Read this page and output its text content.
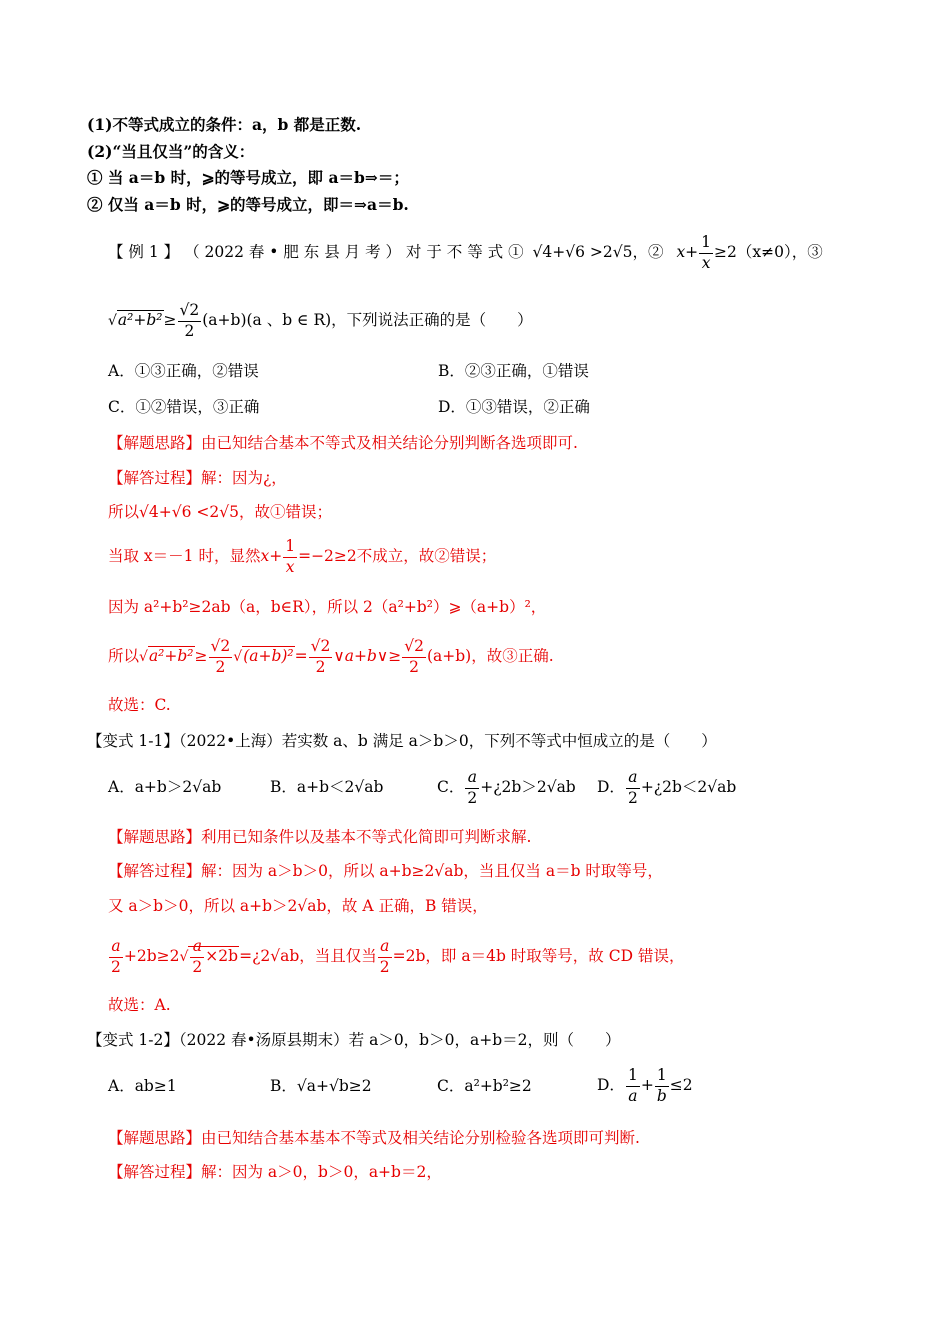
(1)不等式成立的条件：a，b 都是正数.
(2)“当且仅当”的含义：
① 当 a＝b 时，⩾的等号成立，即 a＝b⇒＝；
② 仅当 a＝b 时，⩾的等号成立，即＝⇒a＝b.
【 例 1 】 （ 2022 春 • 肥 东 县 月 考 ） 对 于 不 等 式 ① √4+√6 >2√5，② $x+ \frac{1}{x} \ge 2(x\ne 0)$，③
$√a^2+b^2\ge \frac{√2}{2} (a+b)(a$ 、b ∈ R)，下列说法正确的是（　　）
A．①③正确，②错误	B．②③正确，①错误
C．①②错误，③正确	D．①③错误，②正确
【解题思路】由已知结合基本不等式及相关结论分别判断各选项即可.
【解答过程】解：因为¿，
所以√4+√6 <2√5，故①错误；
当取 x＝－1 时，显然$x+ \frac{1}{x} =-2\ge 2$不成立，故②错误；
因为 a²+b²≥2ab（a，b∈R），所以 2（a²+b²）⩾（a+b）²，
所以$√a^2+b^2\ge \frac{√2}{2} √(a+b)^2= \frac{√2}{2}$ ∨a+b∨≥ $\frac{√2}{2} (a+b)$，故③正确.
故选：C.
【变式 1-1】（2022•上海）若实数 a、b 满足 a＞b＞0，下列不等式中恒成立的是（　　）
A．a+b＞2√ab	B．a+b＜2√ab	C． $\frac{a}{2}$ +¿2b＞2√ab D． $\frac{a}{2}$ +¿2b＜2√ab
【解题思路】利用已知条件以及基本不等式化简即可判断求解.
【解答过程】解：因为 a＞b＞0，所以 a+b≥2√ab，当且仅当 a＝b 时取等号，
又 a＞b＞0，所以 a+b＞2√ab，故 A 正确，B 错误，
$\frac{a}{2} +2b\ge 2√ \frac{a}{2}$ ×2b=¿2√ab，当且仅当 $\frac{a}{2} =2b$，即 a＝4b 时取等号，故 CD 错误，
故选：A.
【变式 1-2】（2022 春•汤原县期末）若 a＞0，b＞0，a+b＝2，则（　　）
A．ab≥1	B．√a+√b≥2	C．a²+b²≥2	D． $\frac{1}{a} + \frac{1}{b} \le 2$
【解题思路】由已知结合基本基本不等式及相关结论分别检验各选项即可判断.
【解答过程】解：因为 a＞0，b＞0，a+b＝2，
